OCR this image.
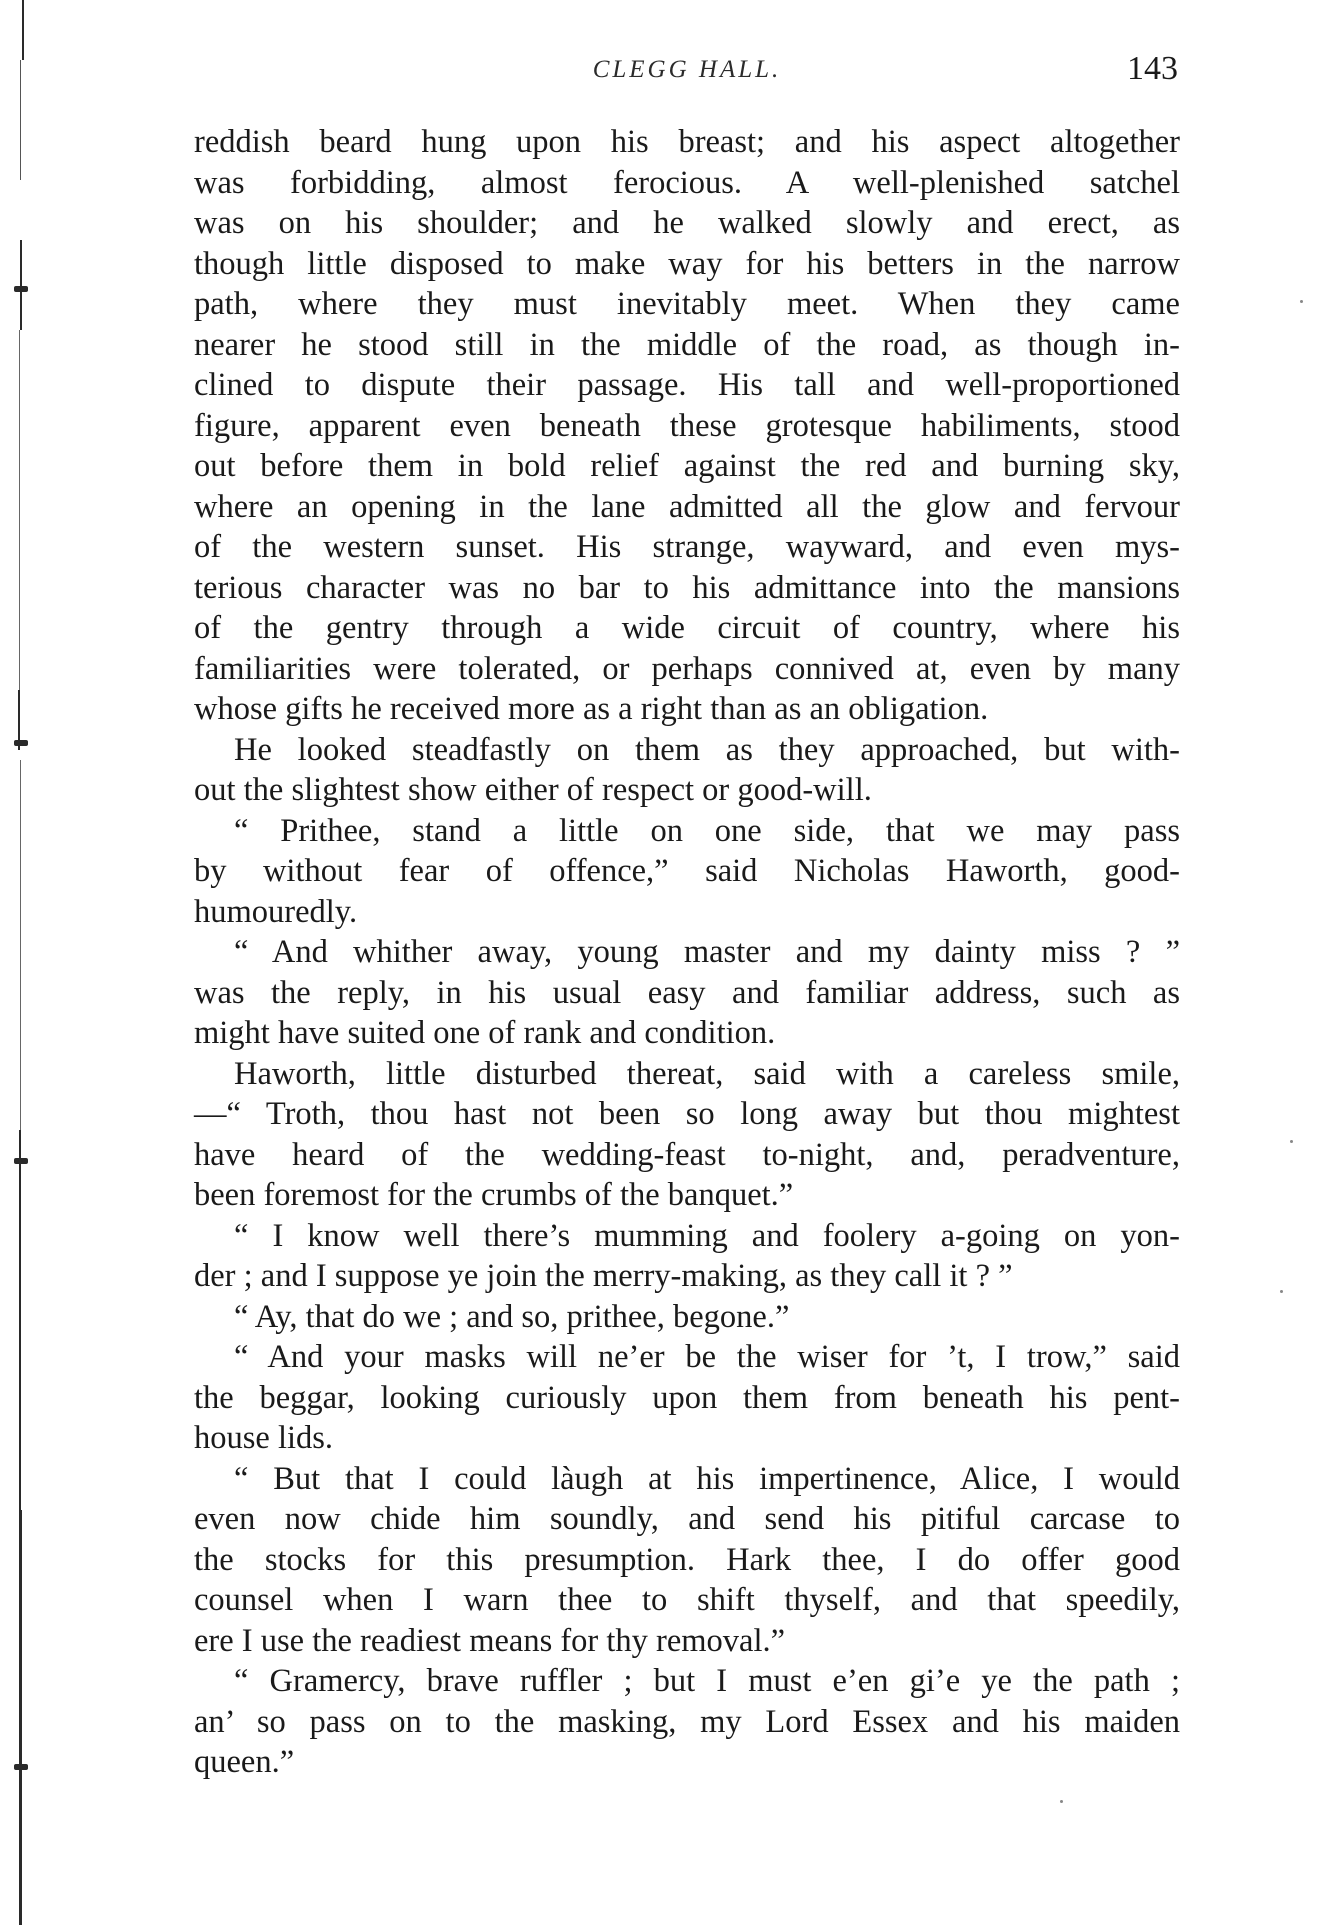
CLEGG HALL.	143
reddish beard hung upon his breast; and his aspect altogether
was forbidding, almost ferocious. A well-plenished satchel
was on his shoulder; and he walked slowly and erect, as
though little disposed to make way for his betters in the narrow
path, where they must inevitably meet. When they came
nearer he stood still in the middle of the road, as though in-
clined to dispute their passage. His tall and well-proportioned
figure, apparent even beneath these grotesque habiliments, stood
out before them in bold relief against the red and burning sky,
where an opening in the lane admitted all the glow and fervour
of the western sunset. His strange, wayward, and even mys-
terious character was no bar to his admittance into the mansions
of the gentry through a wide circuit of country, where his
familiarities were tolerated, or perhaps connived at, even by many
whose gifts he received more as a right than as an obligation.
He looked steadfastly on them as they approached, but with-
out the slightest show either of respect or good-will.
“ Prithee, stand a little on one side, that we may pass
by without fear of offence,” said Nicholas Haworth, good-
humouredly.
“ And whither away, young master and my dainty miss ? ”
was the reply, in his usual easy and familiar address, such as
might have suited one of rank and condition.
Haworth, little disturbed thereat, said with a careless smile,
—“ Troth, thou hast not been so long away but thou mightest
have heard of the wedding-feast to-night, and, peradventure,
been foremost for the crumbs of the banquet.”
“ I know well there’s mumming and foolery a-going on yon-
der ; and I suppose ye join the merry-making, as they call it ? ”
“ Ay, that do we ; and so, prithee, begone.”
“ And your masks will ne’er be the wiser for ’t, I trow,” said
the beggar, looking curiously upon them from beneath his pent-
house lids.
“ But that I could làugh at his impertinence, Alice, I would
even now chide him soundly, and send his pitiful carcase to
the stocks for this presumption. Hark thee, I do offer good
counsel when I warn thee to shift thyself, and that speedily,
ere I use the readiest means for thy removal.”
“ Gramercy, brave ruffler ; but I must e’en gi’e ye the path ;
an’ so pass on to the masking, my Lord Essex and his maiden
queen.”
